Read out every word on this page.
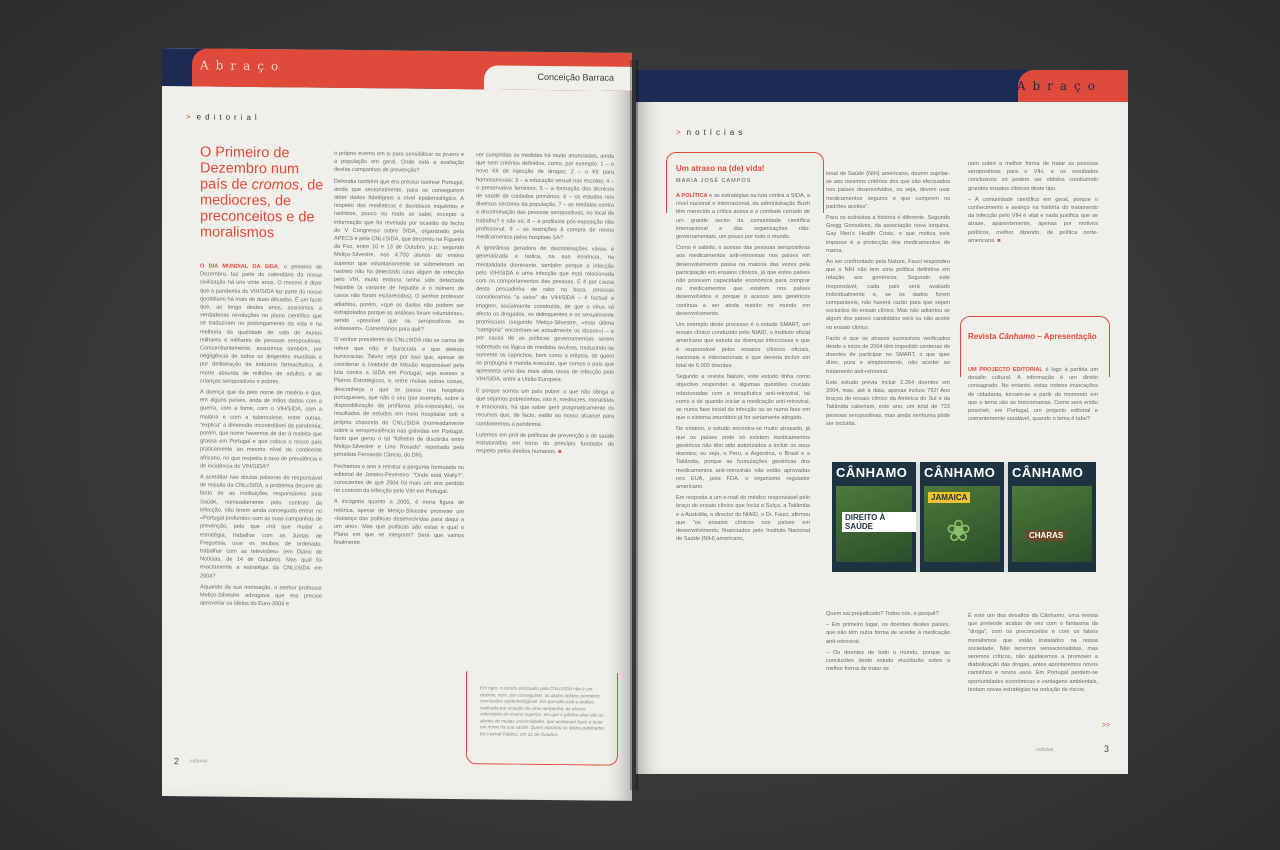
Abraço
Conceição Barraca
> editorial
O Primeiro de Dezembro num país de cromos, de mediocres, de preconceitos e de moralismos

O DIA MUNDIAL DA SIDA, o primeiro de Dezembro, faz parte do calendário da nossa civilização há uns vinte anos. O mesmo é dizer que a pandemia do VIH/SIDA faz parte do nosso quotidiano há mais de duas décadas. É um facto que, ao longo destes anos, assistimos a verdadeiras revoluções no plano científico que se traduziram no prolongamento da vida e na melhoria da qualidade de vida de muitos milhares e milhares de pessoas seropositivas. Concomitantemente, assistimos também, por negligência de todos os dirigentes mundiais e por deliberação da indústria farmacêutica, à morte absurda de milhões de adultos e de crianças seropositivos e pobres.

A doença que da pelo nome de miséria e que, em alguns países, anda de mãos dadas com a guerra, com a fome, com o VIH/SIDA, com a malária e com a tuberculose, entre outras, “explica” a dimensão incontrolável da pandemia; porém, que nome havemos de dar à maleita que grassa em Portugal e que coloca o nosso país praticamente ao mesmo nível do continente africano, no que respeita à taxa de prevalência e de incidência do VIH/SIDA?

A acreditar nas doutas palavras do responsável de missão da CNLcSIDA, o problema decorre do facto de as instituições responsáveis pela Saúde, nomeadamente pelo controlo da infecção, não terem ainda conseguido entrar no «Portugal profundo» com as suas campanhas de prevenção, pelo que «há que mudar a estratégia, trabalhar com as Juntas de Freguesia, usar os recibos de ordenado, trabalhar com as televisões» (em Diário de Notícias, de 14 de Outubro). Mas qual foi exactamente a estratégia da CNLcSIDA em 2004?

Aquando da sua nomeação, o senhor professor Meliço-Silvestre advogava que era preciso aproveitar os ídolos do Euro-2004 e

o próprio evento em si para sensibilizar os jovens e a população em geral. Onde está a avaliação destas campanhas de prevenção?

Defendia também que era preciso rastrear Portugal, ainda que sectorialmente, para se conseguirem obter dados fidedignos a nível epidemiológico. A respeito dos medíaticos e duvidosos inquéritos e rastreios, pouco ou nada se sabe; excepto a informação que foi revelada por ocasião do fecho do V Congresso sobre SIDA, organizado pela APECS e pela CNLcSIDA, que decorreu na Figueira da Foz, entre 10 e 13 de Outubro, p.p.: segundo Meliço-Silvestre, nos 4.700 alunos do ensino superior que voluntariamente se submeteram ao rastreio não foi detectado caso algum de infecção pelo VIH, muito embora tenha sido detectada hepatite (a variante de hepatite e o número de casos não foram esclarecidos). O senhor professor adiantou, porém, «que os dados não podem ser extrapolados porque as análises foram voluntárias», sendo «possível que os seropositivos as evitassem». Comentários para quê?

O senhor presidente da CNLcSIDA não se cansa de referir que não é burocrata e que detesta burocracias. Talvez seja por isso que, apesar de coordenar a Unidade de Missão responsável pela luta contra a SIDA em Portugal, seja avesso a Planos Estratégicos, e, entre muitas outras coisas, desconheça o que se passa nos hospitais portugueses, que não o seu (por exemplo, sobre a disponibilização da profilaxia pós-exposição), os resultados de estudos em meio hospitalar sob a própria chancela da CNLcSIDA (nomeadamente sobre a seroprevalência nas grávidas em Portugal, facto que gerou o tal “folhetim de discórdia entre Meliço-Silvestre e Lino Rosado” reportado pela jornalista Fernanda Câncio, do DN).

Fechamos o ano a retratar a pergunta formulada no editorial de Janeiro-Fevereiro: “Onde está Wally?”, conscientes de que 2004 foi mais um ano perdido no controlo da infecção pelo VIH em Portugal.

A incógnita quanto a 2005, é mera figura de retórica, apesar de Meliço-Silvestre prometer um «balanço das políticas desenvolvidas para daqui a um ano». Mas que políticas são estas e qual o Plano em que se integram? Será que vamos finalmente

ver cumpridas as medidas há muito anunciadas, ainda que sem critérios definidos, como, por exemplo: 1 – o novo Kit de injecção de drogas; 2 – o Kit para homossexuais; 3 – a educação sexual nas escolas; 4 – o preservativo feminino; 5 – a formação dos técnicos de saúde de cuidados primários; 6 – os estudos nos diversos sectores da população, 7 – as medidas contra a discriminação das pessoas seropositivas, no local de trabalho? e não só; 8 – a profilaxia pós-exposição não profissional; 9 – as restrições à compra de novos medicamentos pelos hospitais SA?

A ignorância geradora de discriminações várias é generalizada e radica, na sua essência, na mentalidade dominante, também porque a infecção pelo VIH/SIDA é uma infecção que está relacionada com os comportamentos das pessoas. E é por causa desta pescadinha de rabo na boca, pessoas consideramos “a salvo” do VIH/SIDA – é factual a imagem, socialmente construída, de que o vírus só afecta os drogados, os delinquentes e os sexualmente promíscuos (segundo Meliço-Silvestre, «esta última “categoria” encontram-se actualmente os idosos») – e por causa de as políticas governamentais serem sobretudo na lógica de medidas avulsas, traduzindo-se somente os caprichos, bem como a inépcia, de quem as propugna e manda executar, que somos o país que apresenta uma das mais altas taxas de infecção pelo VIH/SIDA, entre a União Europeia.

E porque somos um país pobre: o que não obriga a que sejamos pobrezinhos, isto é, mediocres, moralistas e irracionais, há que saber gerir pragmaticamente os recursos que, de facto, estão ao nosso alcance para combatermos a pandemia.

Lutemos em prol de políticas de prevenção e de saúde estruturadas em torno do princípio fundador do respeito pelos direitos humanos. ■

Em rigor, o estudo efectuado pela CNLcSIDA não é um rastreio, nem, por conseguinte, os dados obtidos permitem conclusões epidemiológicas. Em questão está a análise, realizada por ocasião de uma campanha, de alunos voluntários do ensino superior, em que o público-alvo são os alunos de muitas universidades, que aceitaram fazer o teste em nome da sua saúde. Quem reportou os dados publicados foi o jornal Público, em 21 de Outubro.
2 editorial
Abraço
> notícias
Um atraso na (de) vida!
MARIA JOSÉ CAMPOS

A POLÍTICA e as estratégias na luta contra a SIDA, a nível nacional e internacional, da administração Bush têm merecido a crítica acesa e o combate cerrado de um grande sector da comunidade científica internacional e das organizações não-governamentais, um pouco por todo o mundo.

Como é sabido, o acesso das pessoas seropositivas aos medicamentos anti-retrovirais nos países em desenvolvimento passa na maioria das vezes pela participação em ensaios clínicos, já que estes países não possuem capacidade económica para comprar os medicamentos que existem nos países desenvolvidos e porque o acesso aos genéricos continua a ser ainda restrito no mundo em desenvolvimento.

Um exemplo deste processo é o estudo SMART, um ensaio clínico conduzido pelo NIAID, o instituto oficial americano que estuda as doenças infecciosas e que é responsável pelos ensaios clínicos oficiais, nacionais e internacionais e que deveria incluir um total de 6.000 doentes.

Segundo a revista Nature, este estudo tinha como objectivo responder a algumas questões cruciais relacionadas com a terapêutica anti-retroviral, tal como a de quando iniciar a medicação anti-retroviral, se numa fase inicial da infecção ou se numa fase em que o sistema imunitário já for seriamente atingido.

No entanto, o estudo encontra-se muito atrasado, já que os países onde só existem medicamentos genéricos não têm sido autorizados a incluir os seus doentes; ou seja, o Peru, a Argentina, o Brasil e a Tailândia, porque as formulações genéricas dos medicamentos anti-retrovirais não estão aprovadas nos EUA, pela FDA, o organismo regulador americano.

Em resposta a um e-mail do médico responsável pelo braço do ensaio clínico que inclui a Suíça, a Tailândia e a Austrália, o director do NIAID, o Dr. Fauci, afirmou que “os ensaios clínicos nos países em desenvolvimento, financiados pelo Instituto Nacional de Saúde (NIH) americano,

ional de Saúde (NIH) americano, devem sujeitar-se aos mesmos critérios dos que são efectuados nos países desenvolvidos, ou seja, devem usar medicamentos seguros e que cumprem os padrões aceites”.

Para os activistas a história é diferente. Segundo Gregg Gonsalves, da associação nova iorquina, Gay Men's Health Crisis, o que motiva este impasse é a protecção dos medicamentos de marca.

Ao ser confrontado pela Nature, Fauci respondeu que o NIH não tem uma política definitiva em relação aos genéricos. Segundo este responsável, cada país será avaliado individualmente e, se os dados forem comparáveis, não haverá razão para que sejam excluídos do ensaio clínico. Mas não adiantou se algum dos países candidatos será ou não aceite no ensaio clínico.

Facto é que os atrasos sucessivos verificados desde o início de 2004 têm impedido centenas de doentes de participar no SMART, o que quer dizer, pura e simplesmente, não aceder ao tratamento anti-retroviral.

Este estudo previa incluir 2.264 doentes em 2004, mas, até à data, apenas incluiu 792! Aos braços do ensaio clínico da América do Sul e da Tailândia caberiam, este ano, um total de 733 pessoas seropositivas, mas ainda nenhuma pôde ser incluída.

Quem sai prejudicado? Todos nós, e porquê?

– Em primeiro lugar, os doentes destes países, que não têm outra forma de aceder à medicação anti-retroviral.

– Os doentes de todo o mundo, porque as conclusões deste estudo elucidarão sobre a melhor forma de tratar as

riam sobre a melhor forma de tratar as pessoas seropositivas para o VIH, e os resultados conclusivos só podem ser obtidos conduzindo grandes ensaios clínicos deste tipo.

– A comunidade científica em geral, porque o conhecimento e avanço na história do tratamento da infecção pelo VIH é vital e nada justifica que se atrase, aparentemente, apenas por motivos políticos, melhor dizendo, de política norte-americana. ■

Revista Cânhamo – Apresentação

UM PROJECTO EDITORIAL é logo à partida um desafio cultural. A informação é um direito consagrado. No entanto, estas nobres invocações de cidadania, turvam-se a partir do momento em que o tema são as toxicomanias. Como será então possível, em Portugal, um projecto editorial e coerentemente saudável, quando o tema é tabu?

CÂNHAMO
DIREITO À SAÚDE
CÂNHAMO
JAMAICA
❀
CÂNHAMO
CHARAS

É este um dos desafios da Cânhamo, uma revista que pretende acabar de vez com o fantasma da “droga”, com os preconceitos e com os falsos moralismos que estão instalados na nossa sociedade. Não seremos sensacionalistas, mas seremos críticos, não ajudaremos a promover a diabolização das drogas, antes apontaremos novos caminhos e novos usos. Em Portugal perdem-se oportunidades económicas e vantagens ambientais, tantam novas estratégias na redução de riscos.

>>
notícias	3
